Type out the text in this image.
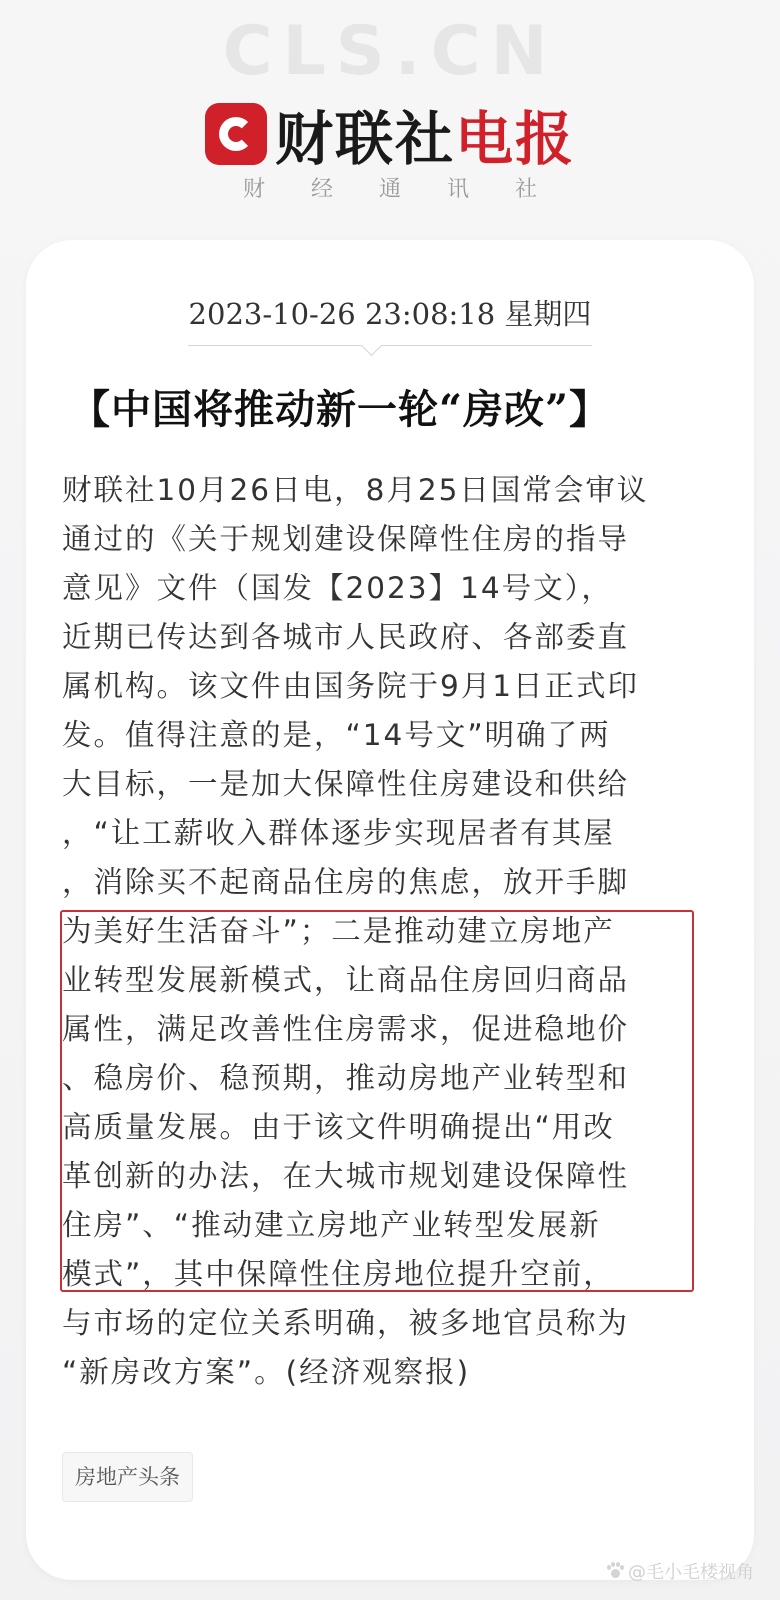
CLS.CN
财联社 电报
财经通讯社
2023-10-26 23:08:18 星期四
【中国将推动新一轮“房改”】
财联社10月26日电，8月25日国常会审议
通过的《关于规划建设保障性住房的指导
意见》文件（国发【2023】14号文），
近期已传达到各城市人民政府、各部委直
属机构。该文件由国务院于9月1日正式印
发。值得注意的是，“14号文”明确了两
大目标，一是加大保障性住房建设和供给
，“让工薪收入群体逐步实现居者有其屋
，消除买不起商品住房的焦虑，放开手脚
为美好生活奋斗”；二是推动建立房地产
业转型发展新模式，让商品住房回归商品
属性，满足改善性住房需求，促进稳地价
、稳房价、稳预期，推动房地产业转型和
高质量发展。由于该文件明确提出“用改
革创新的办法，在大城市规划建设保障性
住房”、“推动建立房地产业转型发展新
模式”，其中保障性住房地位提升空前，
与市场的定位关系明确，被多地官员称为
“新房改方案”。(经济观察报)
房地产头条
@毛小毛楼视角
